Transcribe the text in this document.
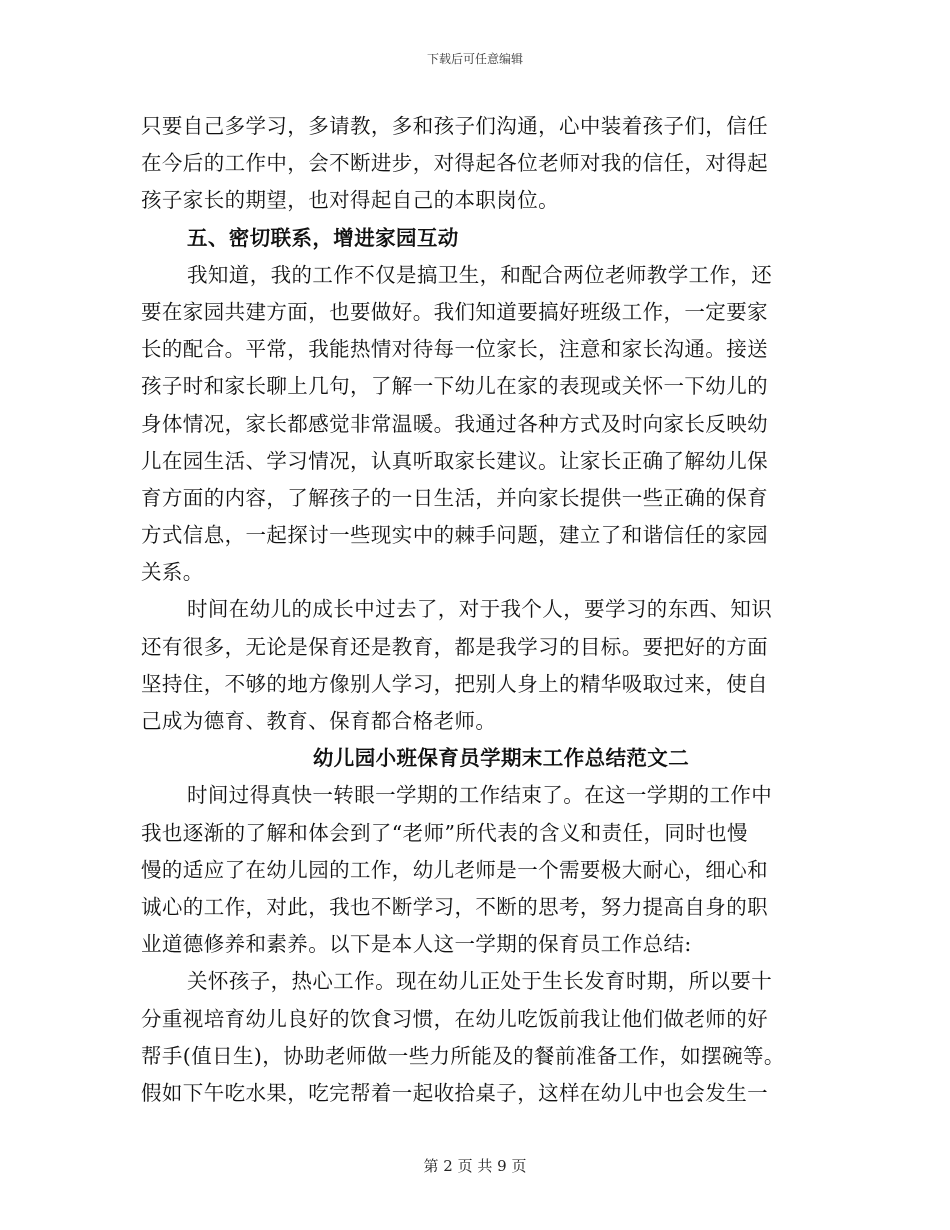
下载后可任意编辑
只要自己多学习，多请教，多和孩子们沟通，心中装着孩子们，信任
在今后的工作中，会不断进步，对得起各位老师对我的信任，对得起
孩子家长的期望，也对得起自己的本职岗位。
五、密切联系，增进家园互动
我知道，我的工作不仅是搞卫生，和配合两位老师教学工作，还
要在家园共建方面，也要做好。我们知道要搞好班级工作，一定要家
长的配合。平常，我能热情对待每一位家长，注意和家长沟通。接送
孩子时和家长聊上几句，了解一下幼儿在家的表现或关怀一下幼儿的
身体情况，家长都感觉非常温暖。我通过各种方式及时向家长反映幼
儿在园生活、学习情况，认真听取家长建议。让家长正确了解幼儿保
育方面的内容，了解孩子的一日生活，并向家长提供一些正确的保育
方式信息，一起探讨一些现实中的棘手问题，建立了和谐信任的家园
关系。
时间在幼儿的成长中过去了，对于我个人，要学习的东西、知识
还有很多，无论是保育还是教育，都是我学习的目标。要把好的方面
坚持住，不够的地方像别人学习，把别人身上的精华吸取过来，使自
己成为德育、教育、保育都合格老师。
幼儿园小班保育员学期末工作总结范文二
时间过得真快一转眼一学期的工作结束了。在这一学期的工作中
我也逐渐的了解和体会到了“老师”所代表的含义和责任，同时也慢
慢的适应了在幼儿园的工作，幼儿老师是一个需要极大耐心，细心和
诚心的工作，对此，我也不断学习，不断的思考，努力提高自身的职
业道德修养和素养。以下是本人这一学期的保育员工作总结:
关怀孩子，热心工作。现在幼儿正处于生长发育时期，所以要十
分重视培育幼儿良好的饮食习惯，在幼儿吃饭前我让他们做老师的好
帮手(值日生)，协助老师做一些力所能及的餐前准备工作，如摆碗等。
假如下午吃水果，吃完帮着一起收拾桌子，这样在幼儿中也会发生一
第 2 页 共 9 页
